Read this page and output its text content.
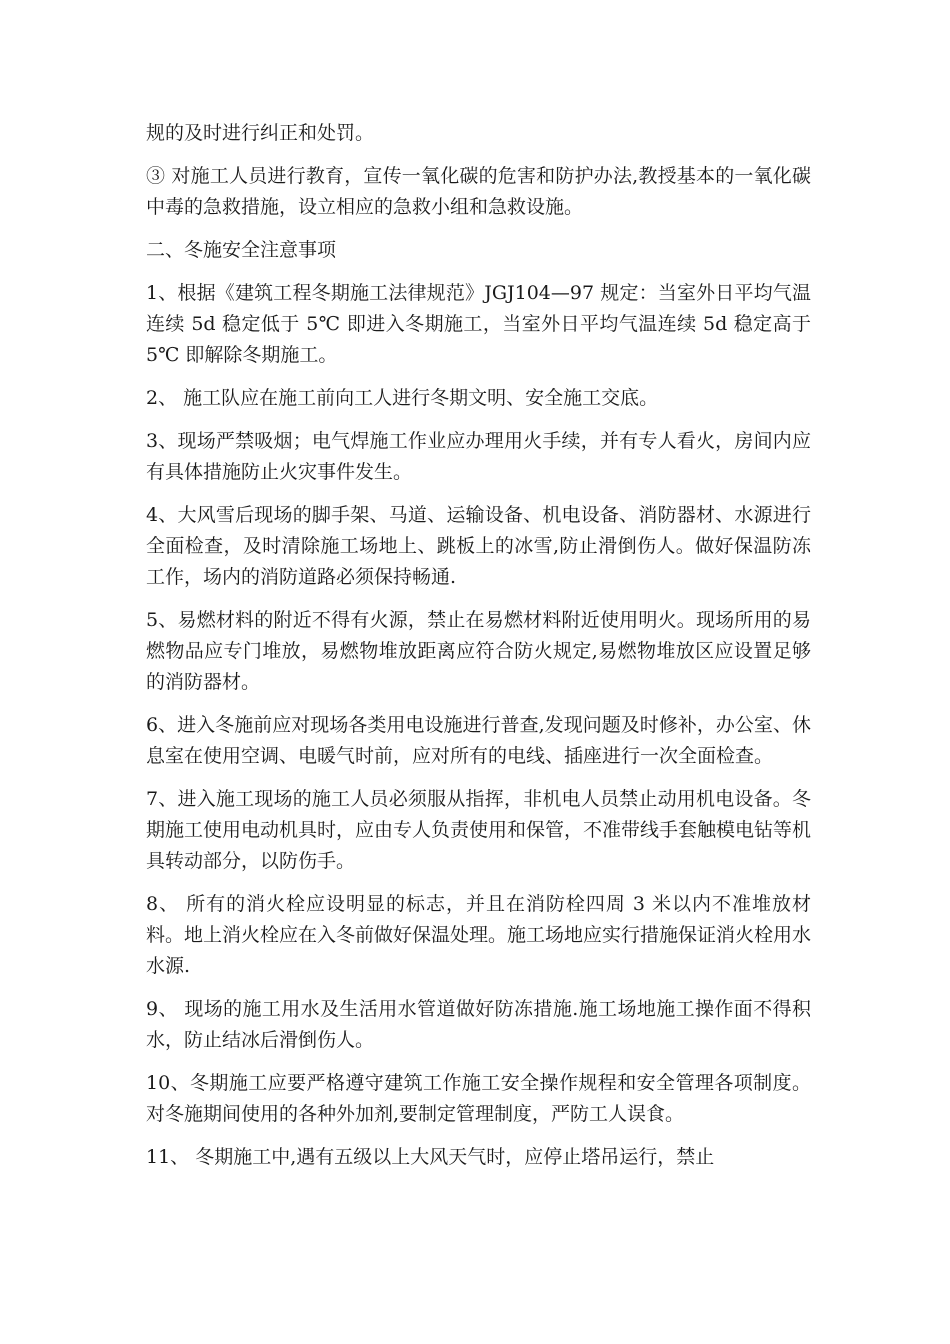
规的及时进行纠正和处罚。

③ 对施工人员进行教育，宣传一氧化碳的危害和防护办法,教授基本的一氧化碳中毒的急救措施，设立相应的急救小组和急救设施。

二、冬施安全注意事项

1、根据《建筑工程冬期施工法律规范》JGJ104—97 规定：当室外日平均气温连续 5d 稳定低于 5℃ 即进入冬期施工，当室外日平均气温连续 5d 稳定高于 5℃ 即解除冬期施工。

2、 施工队应在施工前向工人进行冬期文明、安全施工交底。

3、现场严禁吸烟；电气焊施工作业应办理用火手续，并有专人看火，房间内应有具体措施防止火灾事件发生。

4、大风雪后现场的脚手架、马道、运输设备、机电设备、消防器材、水源进行全面检查，及时清除施工场地上、跳板上的冰雪,防止滑倒伤人。做好保温防冻工作，场内的消防道路必须保持畅通.

5、易燃材料的附近不得有火源，禁止在易燃材料附近使用明火。现场所用的易燃物品应专门堆放，易燃物堆放距离应符合防火规定,易燃物堆放区应设置足够的消防器材。

6、进入冬施前应对现场各类用电设施进行普查,发现问题及时修补，办公室、休息室在使用空调、电暖气时前，应对所有的电线、插座进行一次全面检查。

7、进入施工现场的施工人员必须服从指挥，非机电人员禁止动用机电设备。冬期施工使用电动机具时，应由专人负责使用和保管，不准带线手套触模电钻等机具转动部分，以防伤手。

8、 所有的消火栓应设明显的标志，并且在消防栓四周 3 米以内不准堆放材料。地上消火栓应在入冬前做好保温处理。施工场地应实行措施保证消火栓用水水源.

9、 现场的施工用水及生活用水管道做好防冻措施.施工场地施工操作面不得积水，防止结冰后滑倒伤人。

10、冬期施工应要严格遵守建筑工作施工安全操作规程和安全管理各项制度。对冬施期间使用的各种外加剂,要制定管理制度，严防工人误食。

11、 冬期施工中,遇有五级以上大风天气时，应停止塔吊运行，禁止
